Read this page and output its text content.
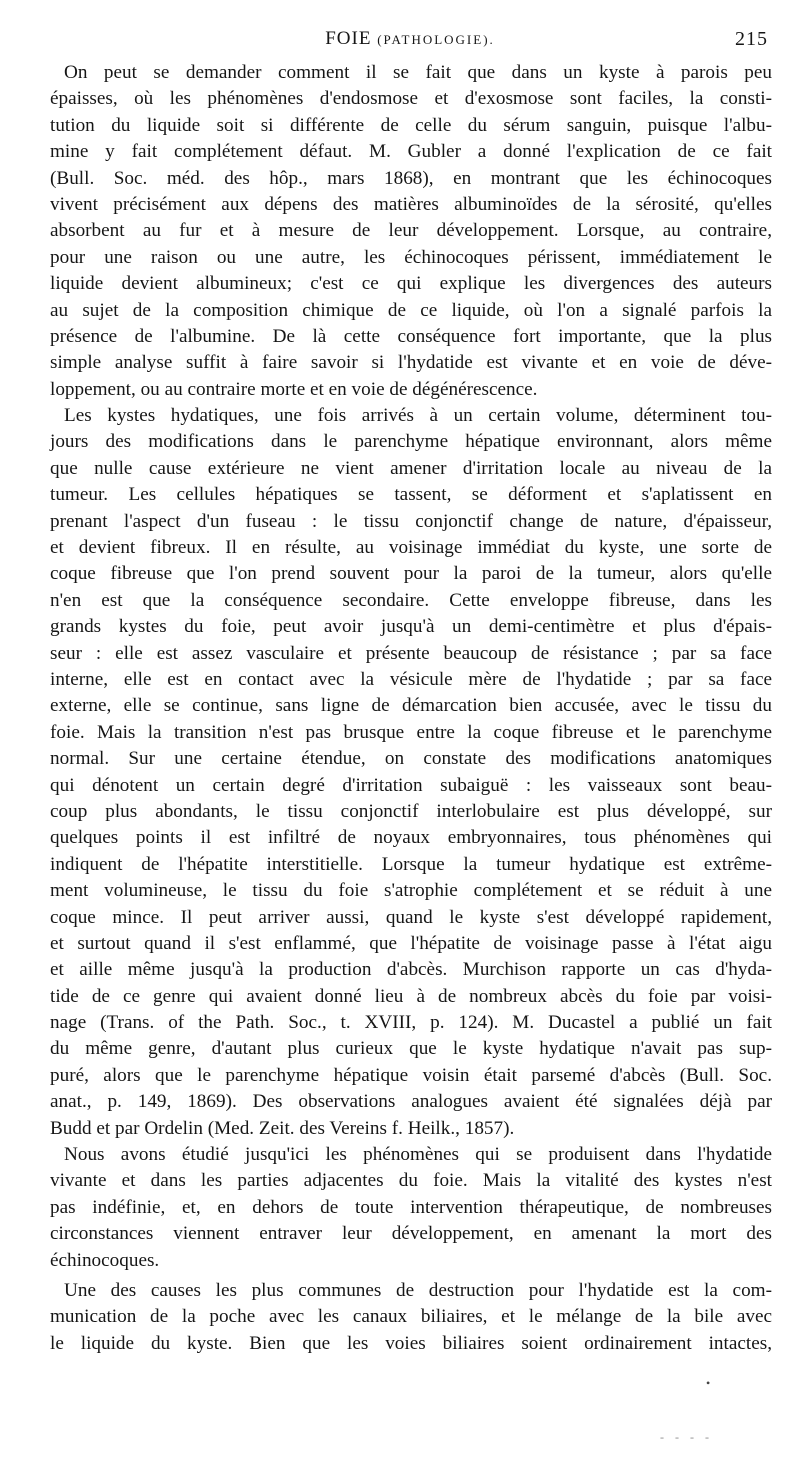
FOIE (PATHOLOGIE).	215
On peut se demander comment il se fait que dans un kyste à parois peu
épaisses, où les phénomènes d'endosmose et d'exosmose sont faciles, la consti-
tution du liquide soit si différente de celle du sérum sanguin, puisque l'albu-
mine y fait complétement défaut. M. Gubler a donné l'explication de ce fait
(Bull. Soc. méd. des hôp., mars 1868), en montrant que les échinocoques
vivent précisément aux dépens des matières albuminoïdes de la sérosité, qu'elles
absorbent au fur et à mesure de leur développement. Lorsque, au contraire,
pour une raison ou une autre, les échinocoques périssent, immédiatement le
liquide devient albumineux; c'est ce qui explique les divergences des auteurs
au sujet de la composition chimique de ce liquide, où l'on a signalé parfois la
présence de l'albumine. De là cette conséquence fort importante, que la plus
simple analyse suffit à faire savoir si l'hydatide est vivante et en voie de déve-
loppement, ou au contraire morte et en voie de dégénérescence.
Les kystes hydatiques, une fois arrivés à un certain volume, déterminent tou-
jours des modifications dans le parenchyme hépatique environnant, alors même
que nulle cause extérieure ne vient amener d'irritation locale au niveau de la
tumeur. Les cellules hépatiques se tassent, se déforment et s'aplatissent en
prenant l'aspect d'un fuseau : le tissu conjonctif change de nature, d'épaisseur,
et devient fibreux. Il en résulte, au voisinage immédiat du kyste, une sorte de
coque fibreuse que l'on prend souvent pour la paroi de la tumeur, alors qu'elle
n'en est que la conséquence secondaire. Cette enveloppe fibreuse, dans les
grands kystes du foie, peut avoir jusqu'à un demi-centimètre et plus d'épais-
seur : elle est assez vasculaire et présente beaucoup de résistance ; par sa face
interne, elle est en contact avec la vésicule mère de l'hydatide ; par sa face
externe, elle se continue, sans ligne de démarcation bien accusée, avec le tissu du
foie. Mais la transition n'est pas brusque entre la coque fibreuse et le parenchyme
normal. Sur une certaine étendue, on constate des modifications anatomiques
qui dénotent un certain degré d'irritation subaiguë : les vaisseaux sont beau-
coup plus abondants, le tissu conjonctif interlobulaire est plus développé, sur
quelques points il est infiltré de noyaux embryonnaires, tous phénomènes qui
indiquent de l'hépatite interstitielle. Lorsque la tumeur hydatique est extrême-
ment volumineuse, le tissu du foie s'atrophie complétement et se réduit à une
coque mince. Il peut arriver aussi, quand le kyste s'est développé rapidement,
et surtout quand il s'est enflammé, que l'hépatite de voisinage passe à l'état aigu
et aille même jusqu'à la production d'abcès. Murchison rapporte un cas d'hyda-
tide de ce genre qui avaient donné lieu à de nombreux abcès du foie par voisi-
nage (Trans. of the Path. Soc., t. XVIII, p. 124). M. Ducastel a publié un fait
du même genre, d'autant plus curieux que le kyste hydatique n'avait pas sup-
puré, alors que le parenchyme hépatique voisin était parsemé d'abcès (Bull. Soc.
anat., p. 149, 1869). Des observations analogues avaient été signalées déjà par
Budd et par Ordelin (Med. Zeit. des Vereins f. Heilk., 1857).
Nous avons étudié jusqu'ici les phénomènes qui se produisent dans l'hydatide
vivante et dans les parties adjacentes du foie. Mais la vitalité des kystes n'est
pas indéfinie, et, en dehors de toute intervention thérapeutique, de nombreuses
circonstances viennent entraver leur développement, en amenant la mort des
échinocoques.
Une des causes les plus communes de destruction pour l'hydatide est la com-
munication de la poche avec les canaux biliaires, et le mélange de la bile avec
le liquide du kyste. Bien que les voies biliaires soient ordinairement intactes,
•
- - - -
